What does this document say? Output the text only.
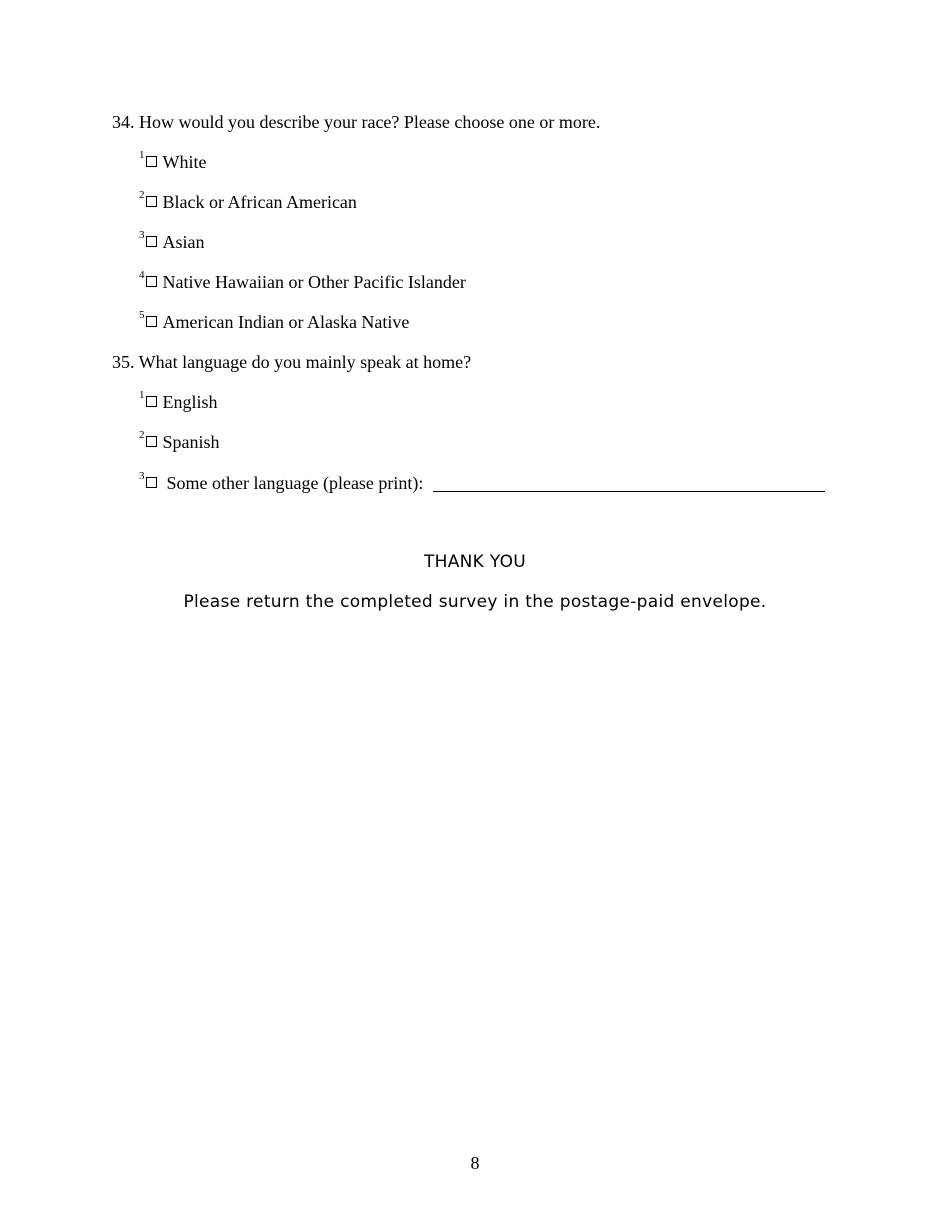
34. How would you describe your race? Please choose one or more.
$^1$ White
$^2$ Black or African American
$^3$ Asian
$^4$ Native Hawaiian or Other Pacific Islander
$^5$ American Indian or Alaska Native
35. What language do you mainly speak at home?
$^1$ English
$^2$ Spanish
$^3$ Some other language (please print):
THANK YOU
Please return the completed survey in the postage-paid envelope.
8
